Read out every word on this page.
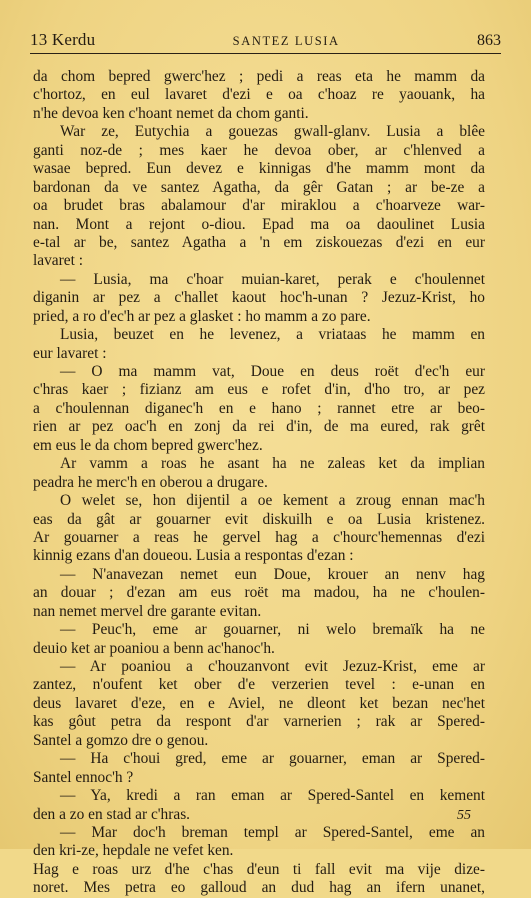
13 Kerdu	SANTEZ LUSIA	863
da chom bepred gwerc'hez ; pedi a reas eta he mamm da
c'hortoz, en eul lavaret d'ezi e oa c'hoaz re yaouank, ha
n'he devoa ken c'hoant nemet da chom ganti.
War ze, Eutychia a gouezas gwall-glanv. Lusia a blêe
ganti noz-de ; mes kaer he devoa ober, ar c'hlenved a
wasae bepred. Eun devez e kinnigas d'he mamm mont da
bardonan da ve santez Agatha, da gêr Gatan ; ar be-ze a
oa brudet bras abalamour d'ar miraklou a c'hoarveze war-
nan. Mont a rejont o-diou. Epad ma oa daoulinet Lusia
e-tal ar be, santez Agatha a 'n em ziskouezas d'ezi en eur
lavaret :
— Lusia, ma c'hoar muian-karet, perak e c'houlennet
diganin ar pez a c'hallet kaout hoc'h-unan ? Jezuz-Krist, ho
pried, a ro d'ec'h ar pez a glasket : ho mamm a zo pare.
Lusia, beuzet en he levenez, a vriataas he mamm en
eur lavaret :
— O ma mamm vat, Doue en deus roët d'ec'h eur
c'hras kaer ; fizianz am eus e rofet d'in, d'ho tro, ar pez
a c'houlennan diganec'h en e hano ; rannet etre ar beo-
rien ar pez oac'h en zonj da rei d'in, de ma eured, rak grêt
em eus le da chom bepred gwerc'hez.
Ar vamm a roas he asant ha ne zaleas ket da implian
peadra he merc'h en oberou a drugare.
O welet se, hon dijentil a oe kement a zroug ennan mac'h
eas da gât ar gouarner evit diskuilh e oa Lusia kristenez.
Ar gouarner a reas he gervel hag a c'hourc'hemennas d'ezi
kinnig ezans d'an doueou. Lusia a respontas d'ezan :
— N'anavezan nemet eun Doue, krouer an nenv hag
an douar ; d'ezan am eus roët ma madou, ha ne c'houlen-
nan nemet mervel dre garante evitan.
— Peuc'h, eme ar gouarner, ni welo bremaïk ha ne
deuio ket ar poaniou a benn ac'hanoc'h.
— Ar poaniou a c'houzanvont evit Jezuz-Krist, eme ar
zantez, n'oufent ket ober d'e verzerien tevel : e-unan en
deus lavaret d'eze, en e Aviel, ne dleont ket bezan nec'het
kas gôut petra da respont d'ar varnerien ; rak ar Spered-
Santel a gomzo dre o genou.
— Ha c'houi gred, eme ar gouarner, eman ar Spered-
Santel ennoc'h ?
— Ya, kredi a ran eman ar Spered-Santel en kement
den a zo en stad ar c'hras.
— Mar doc'h breman templ ar Spered-Santel, eme an
den kri-ze, hepdale ne vefet ken.
Hag e roas urz d'he c'has d'eun ti fall evit ma vije dize-
noret. Mes petra eo galloud an dud hag an ifern unanet,
55
